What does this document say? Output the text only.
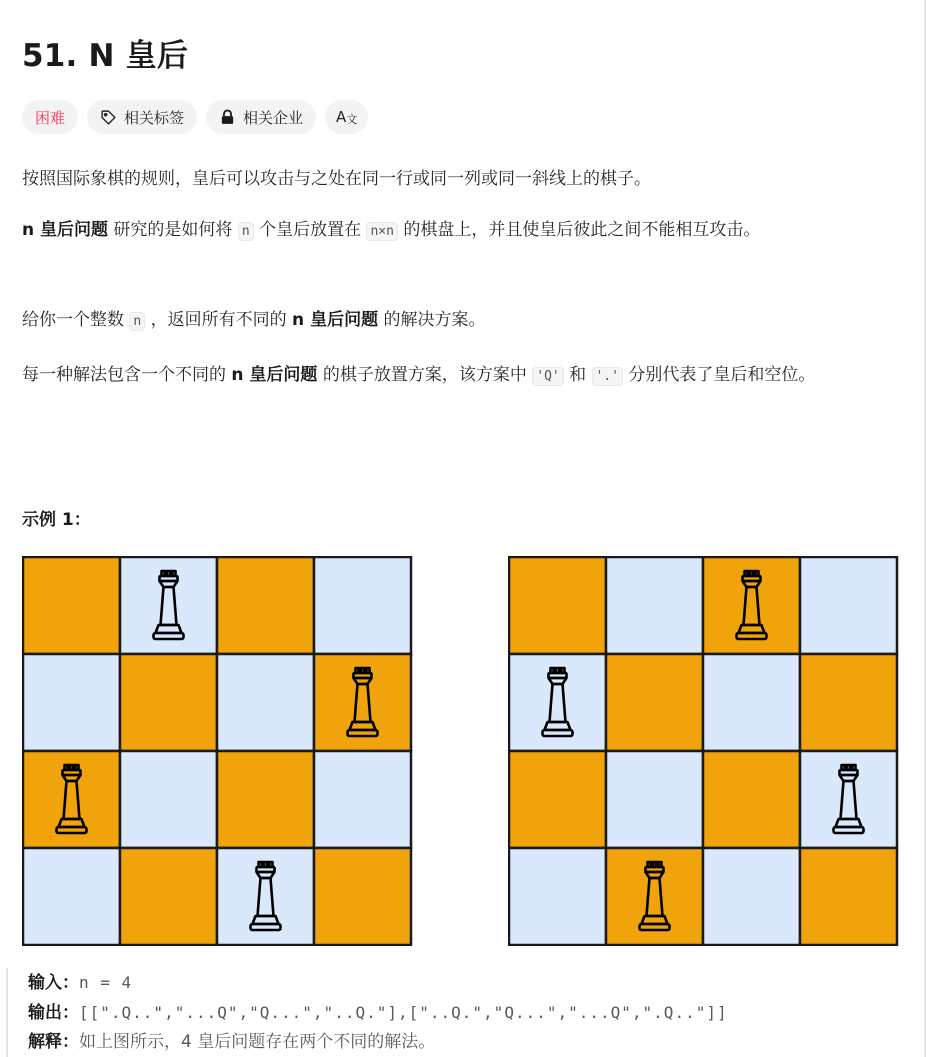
51. N 皇后
困难	相关标签	相关企业 A 文

按照国际象棋的规则，皇后可以攻击与之处在同一行或同一列或同一斜线上的棋子。

n 皇后问题 研究的是如何将 n 个皇后放置在 n×n 的棋盘上，并且使皇后彼此之间不能相互攻击。

给你一个整数 n ，返回所有不同的 n 皇后问题 的解决方案。

每一种解法包含一个不同的 n 皇后问题 的棋子放置方案，该方案中 'Q' 和 '.' 分别代表了皇后和空位。

示例 1：

输入：n = 4
输出：[[".Q..","...Q","Q...","..Q."],["..Q.","Q...","...Q",".Q.."]]
解释：如上图所示，4 皇后问题存在两个不同的解法。
